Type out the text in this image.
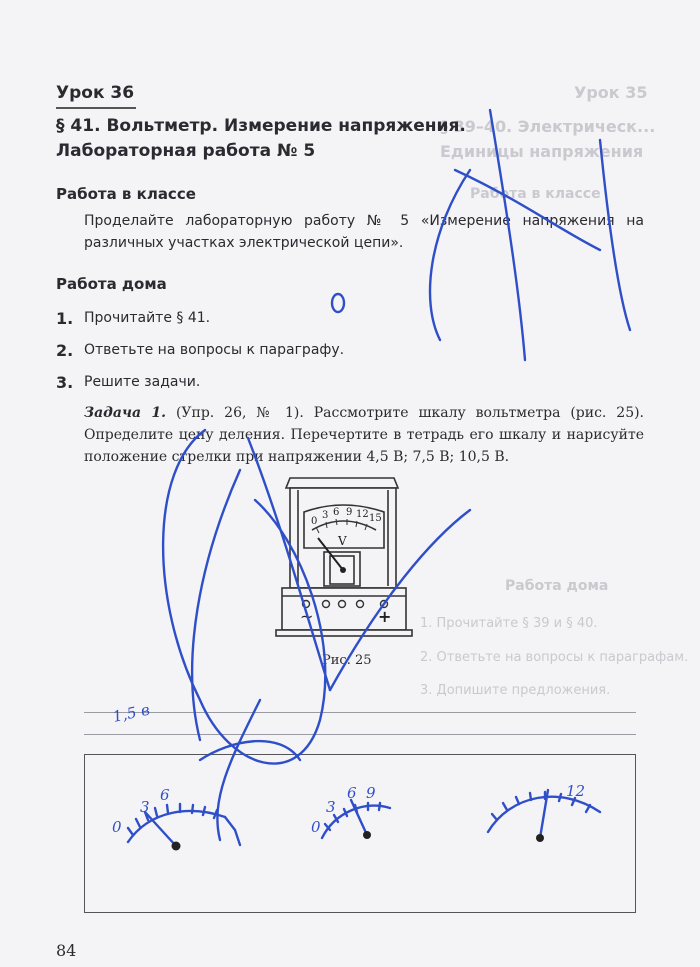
Урок 35
§ 39–40. Электрическ...
Единицы напряжения
Работа в классе
Работа дома
1. Прочитайте § 39 и § 40.
2. Ответьте на вопросы к параграфам.
3. Допишите предложения.
Урок 36
§ 41. Вольтметр. Измерение напряжения.
Лабораторная работа № 5
Работа в классе
Проделайте лабораторную работу № 5 «Измерение напряжения на различных участках электрической цепи».
Работа дома
1. Прочитайте § 41.
2. Ответьте на вопросы к параграфу.
3. Решите задачи.
Задача 1. (Упр. 26, № 1). Рассмотрите шкалу вольтметра (рис. 25). Определите цену деления. Перечертите в тетрадь его шкалу и нарисуйте положение стрелки при напряжении 4,5 В; 7,5 В; 10,5 В.
~	+
0
3 6 9 12 15
V
Рис. 25
1,5 в
0
3
6
0
3
6 9	12
84
